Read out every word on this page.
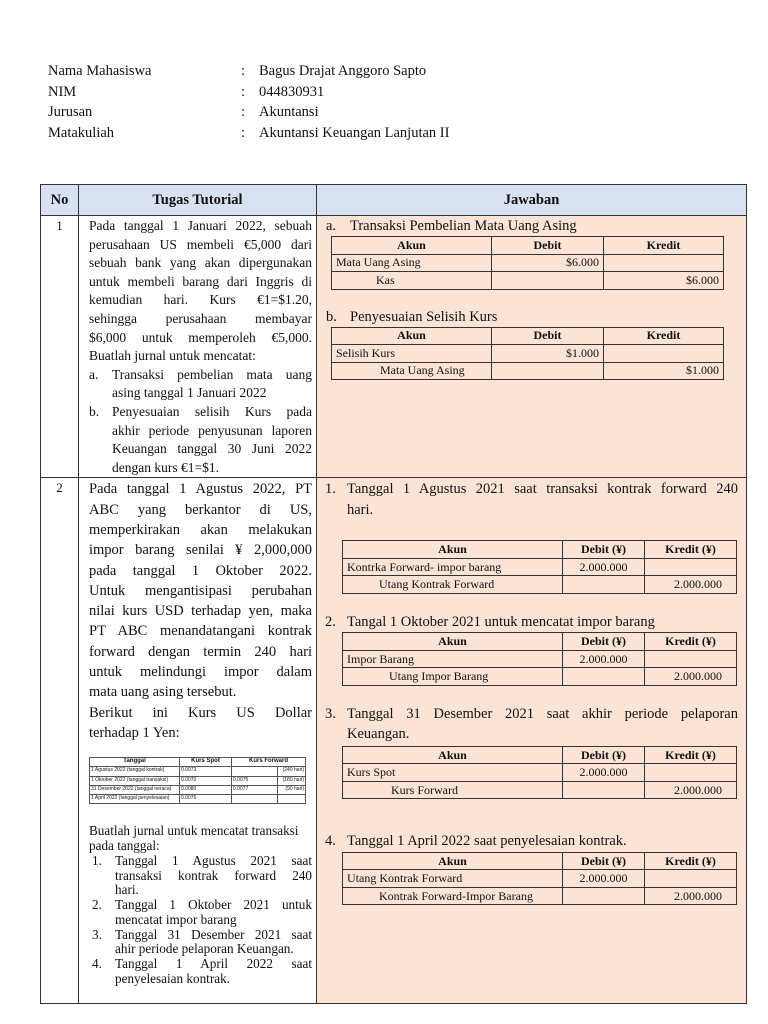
Nama Mahasiswa	: Bagus Drajat Anggoro Sapto
NIM	: 044830931
Jurusan	: Akuntansi
Matakuliah	: Akuntansi Keuangan Lanjutan II
No	Tugas Tutorial	Jawaban
1	Pada tanggal 1 Januari 2022, sebuah
perusahaan US membeli €5,000 dari
sebuah bank yang akan dipergunakan
untuk membeli barang dari Inggris di
kemudian hari. Kurs €1=$1.20,
sehingga perusahaan membayar
$6,000 untuk memperoleh €5,000.
Buatlah jurnal untuk mencatat:
a.	Transaksi pembelian mata uang
asing tanggal 1 Januari 2022
b. Penyesuaian selisih Kurs pada
akhir periode penyusunan laporen
Keuangan tanggal 30 Juni 2022
dengan kurs €1=$1.

a. Transaksi Pembelian Mata Uang Asing
Akun	Debit	Kredit
Mata Uang Asing	$6.000	
Kas		$6.000
b. Penyesuaian Selisih Kurs
Akun	Debit	Kredit
Selisih Kurs	$1.000	
Mata Uang Asing		$1.000

2	Pada tanggal 1 Agustus 2022, PT
ABC yang berkantor di US,
memperkirakan akan melakukan
impor barang senilai ¥ 2,000,000
pada tanggal 1 Oktober 2022.
Untuk mengantisipasi perubahan
nilai kurs USD terhadap yen, maka
PT ABC menandatangani kontrak
forward dengan termin 240 hari
untuk melindungi impor dalam
mata uang asing tersebut.
Berikut ini Kurs US Dollar
terhadap 1 Yen:
Tanggal	Kurs Spot	Kurs Forward
1 Agustus 2022 (tanggal kontrak)	0.0073		(240 hari)
1 Oktober 2022 (tanggal transaksi)	0.0070	0.0075	(180 hari)
31 Desember 2022 (tanggal neraca)	0.0080	0.0077	(90 hari)
1 April 2022 (tanggal penyelesaian)	0.0076		
Buatlah jurnal untuk mencatat transaksi
pada tanggal:
1. Tanggal 1 Agustus 2021 saat
transaksi kontrak forward 240
hari.
2. Tanggal 1 Oktober 2021 untuk
mencatat impor barang
3. Tanggal 31 Desember 2021 saat
ahir periode pelaporan Keuangan.
4. Tanggal 1 April 2022 saat
penyelesaian kontrak.

1. Tanggal 1 Agustus 2021 saat transaksi kontrak forward 240
hari.
Akun	Debit (¥)	Kredit (¥)
Kontrka Forward- impor barang	2.000.000	
Utang Kontrak Forward		2.000.000
2. Tangal 1 Oktober 2021 untuk mencatat impor barang
Akun	Debit (¥)	Kredit (¥)
Impor Barang	2.000.000	
Utang Impor Barang		2.000.000
3. Tanggal 31 Desember 2021 saat akhir periode pelaporan
Keuangan.
Akun	Debit (¥)	Kredit (¥)
Kurs Spot	2.000.000	
Kurs Forward		2.000.000
4. Tanggal 1 April 2022 saat penyelesaian kontrak.
Akun	Debit (¥)	Kredit (¥)
Utang Kontrak Forward	2.000.000	
Kontrak Forward-Impor Barang		2.000.000
